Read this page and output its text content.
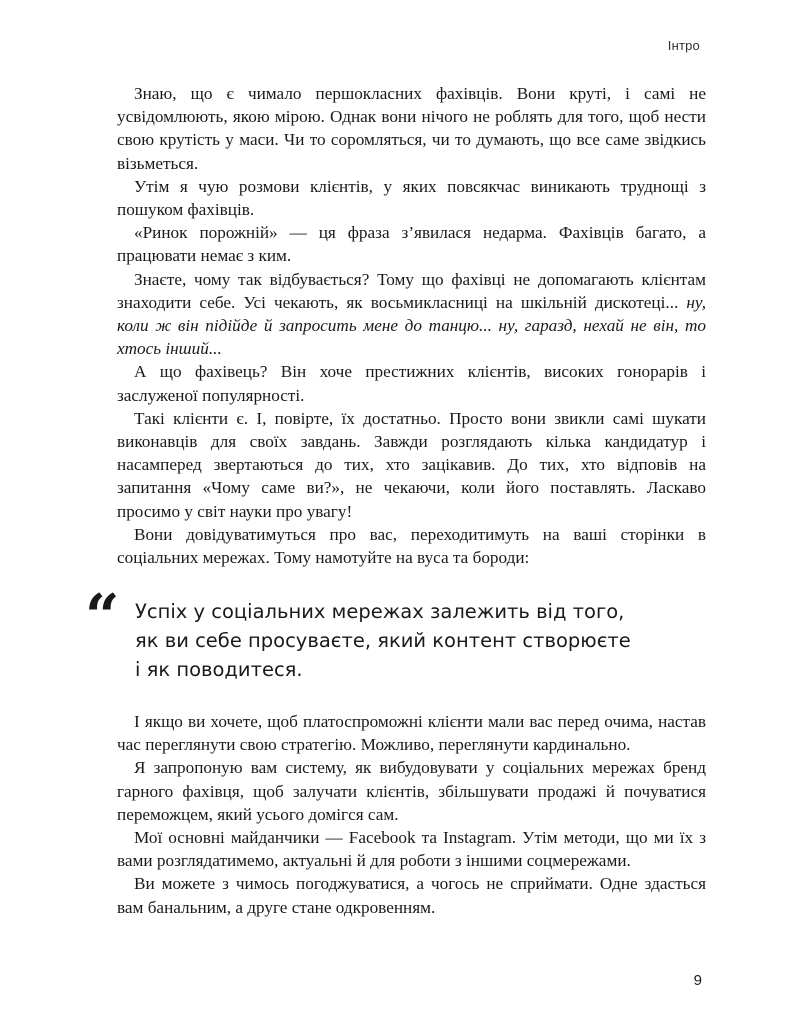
Інтро

Знаю, що є чимало першокласних фахівців. Вони круті, і самі не усвідомлюють, якою мірою. Однак вони нічого не роблять для того, щоб нести свою крутість у маси. Чи то соромляться, чи то думають, що все саме звідкись візьметься.

Утім я чую розмови клієнтів, у яких повсякчас виникають труднощі з пошуком фахівців.

«Ринок порожній» — ця фраза з’явилася недарма. Фахівців багато, а працювати немає з ким.

Знаєте, чому так відбувається? Тому що фахівці не допомагають клієнтам знаходити себе. Усі чекають, як восьмикласниці на шкільній дискотеці... ну, коли ж він підійде й запросить мене до танцю... ну, гаразд, нехай не він, то хтось інший...

А що фахівець? Він хоче престижних клієнтів, високих гонорарів і заслуженої популярності.

Такі клієнти є. І, повірте, їх достатньо. Просто вони звикли самі шукати виконавців для своїх завдань. Завжди розглядають кілька кандидатур і насамперед звертаються до тих, хто зацікавив. До тих, хто відповів на запитання «Чому саме ви?», не чекаючи, коли його поставлять. Ласкаво просимо у світ науки про увагу!

Вони довідуватимуться про вас, переходитимуть на ваші сторінки в соціальних мережах. Тому намотуйте на вуса та бороди:

“ Успіх у соціальних мережах залежить від того,
як ви себе просуваєте, який контент створюєте
і як поводитеся.

І якщо ви хочете, щоб платоспроможні клієнти мали вас перед очима, настав час переглянути свою стратегію. Можливо, переглянути кардинально.

Я запропоную вам систему, як вибудовувати у соціальних мережах бренд гарного фахівця, щоб залучати клієнтів, збільшувати продажі й почуватися переможцем, який усього домігся сам.

Мої основні майданчики — Facebook та Instagram. Утім методи, що ми їх з вами розглядатимемо, актуальні й для роботи з іншими соцмережами.

Ви можете з чимось погоджуватися, а чогось не сприймати. Одне здасться вам банальним, а друге стане одкровенням.

9
